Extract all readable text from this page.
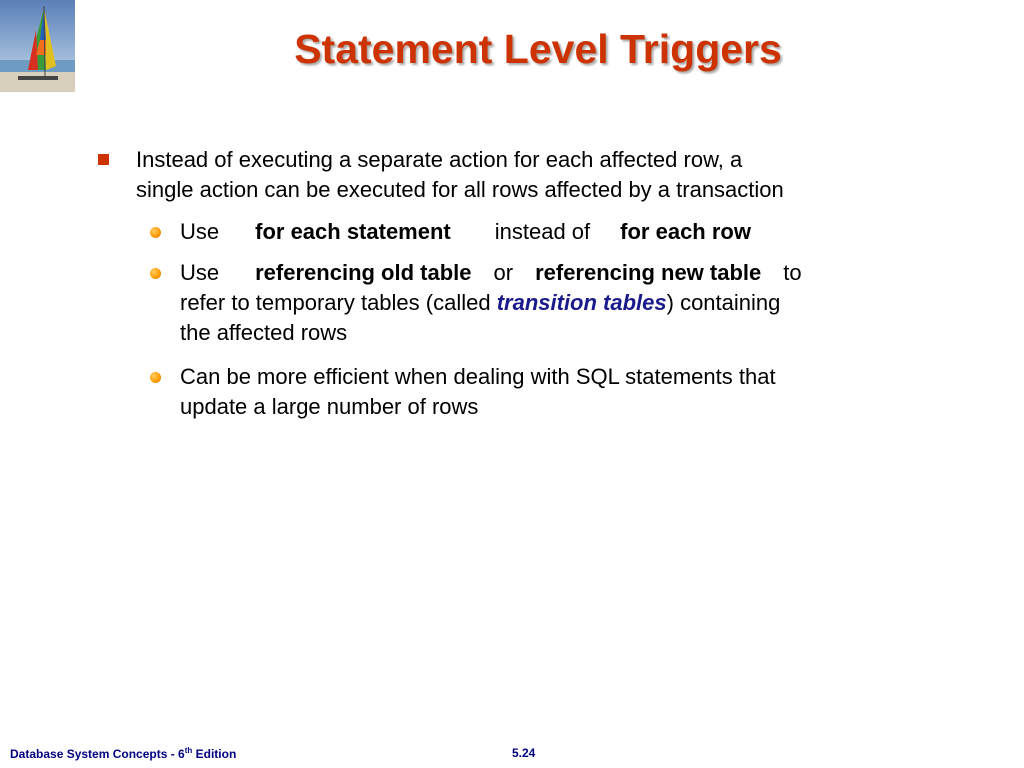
Statement Level Triggers
Instead of executing a separate action for each affected row, a
single action can be executed for all rows affected by a transaction
Use for each statement instead of for each row
Use referencing old table or referencing new table to
refer to temporary tables (called transition tables) containing
the affected rows
Can be more efficient when dealing with SQL statements that
update a large number of rows
Database System Concepts - 6th Edition	5.24
